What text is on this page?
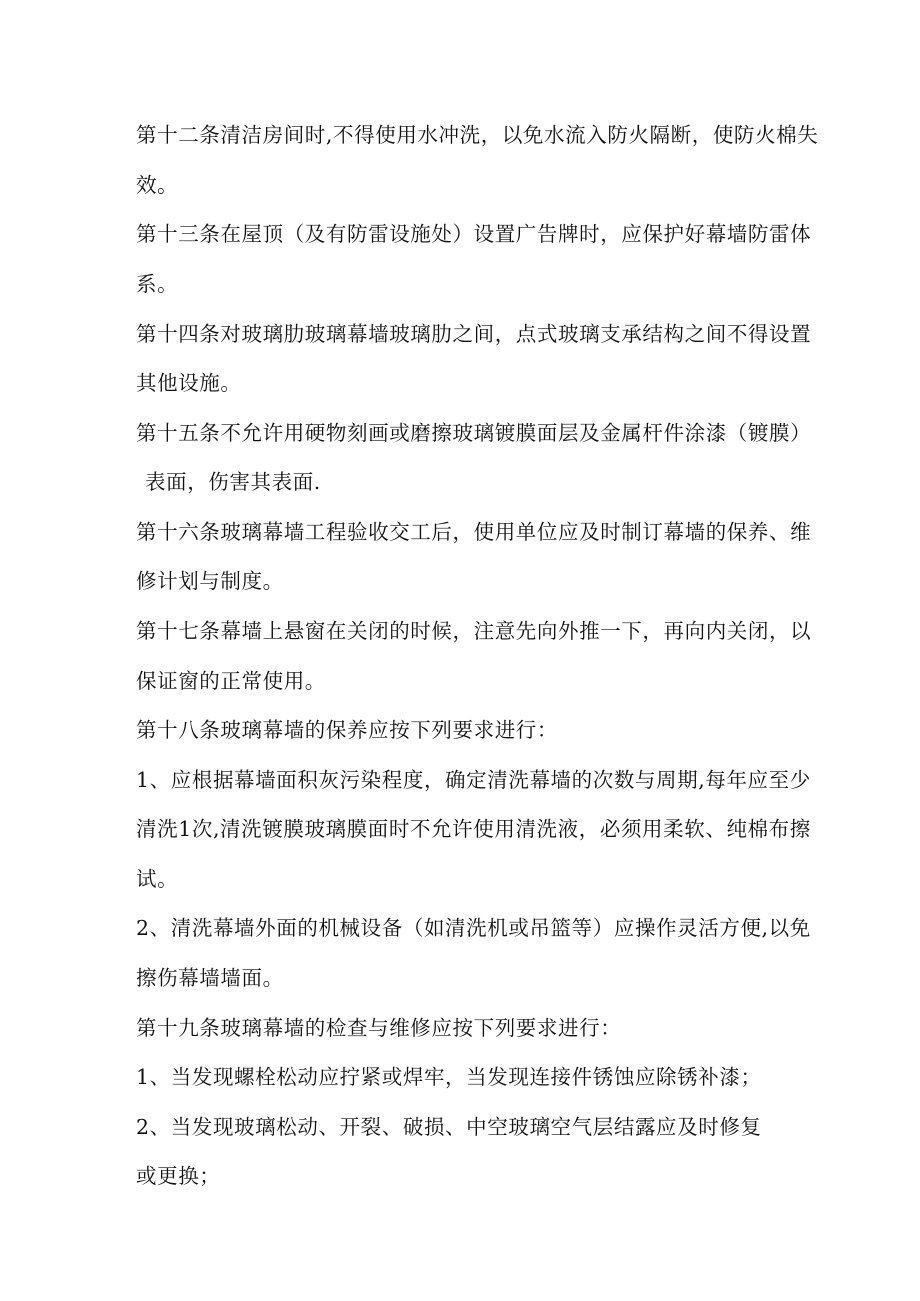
第十二条清洁房间时,不得使用水冲洗，以免水流入防火隔断，使防火棉失
效。
第十三条在屋顶（及有防雷设施处）设置广告牌时，应保护好幕墙防雷体
系。
第十四条对玻璃肋玻璃幕墙玻璃肋之间，点式玻璃支承结构之间不得设置
其他设施。
第十五条不允许用硬物刻画或磨擦玻璃镀膜面层及金属杆件涂漆（镀膜）
表面，伤害其表面.
第十六条玻璃幕墙工程验收交工后，使用单位应及时制订幕墙的保养、维
修计划与制度。
第十七条幕墙上悬窗在关闭的时候，注意先向外推一下，再向内关闭，以
保证窗的正常使用。
第十八条玻璃幕墙的保养应按下列要求进行：
1、应根据幕墙面积灰污染程度，确定清洗幕墙的次数与周期,每年应至少
清洗1次,清洗镀膜玻璃膜面时不允许使用清洗液，必须用柔软、纯棉布擦
试。
2、清洗幕墙外面的机械设备（如清洗机或吊篮等）应操作灵活方便,以免
擦伤幕墙墙面。
第十九条玻璃幕墙的检查与维修应按下列要求进行：
1、当发现螺栓松动应拧紧或焊牢，当发现连接件锈蚀应除锈补漆；
2、当发现玻璃松动、开裂、破损、中空玻璃空气层结露应及时修复
或更换；
